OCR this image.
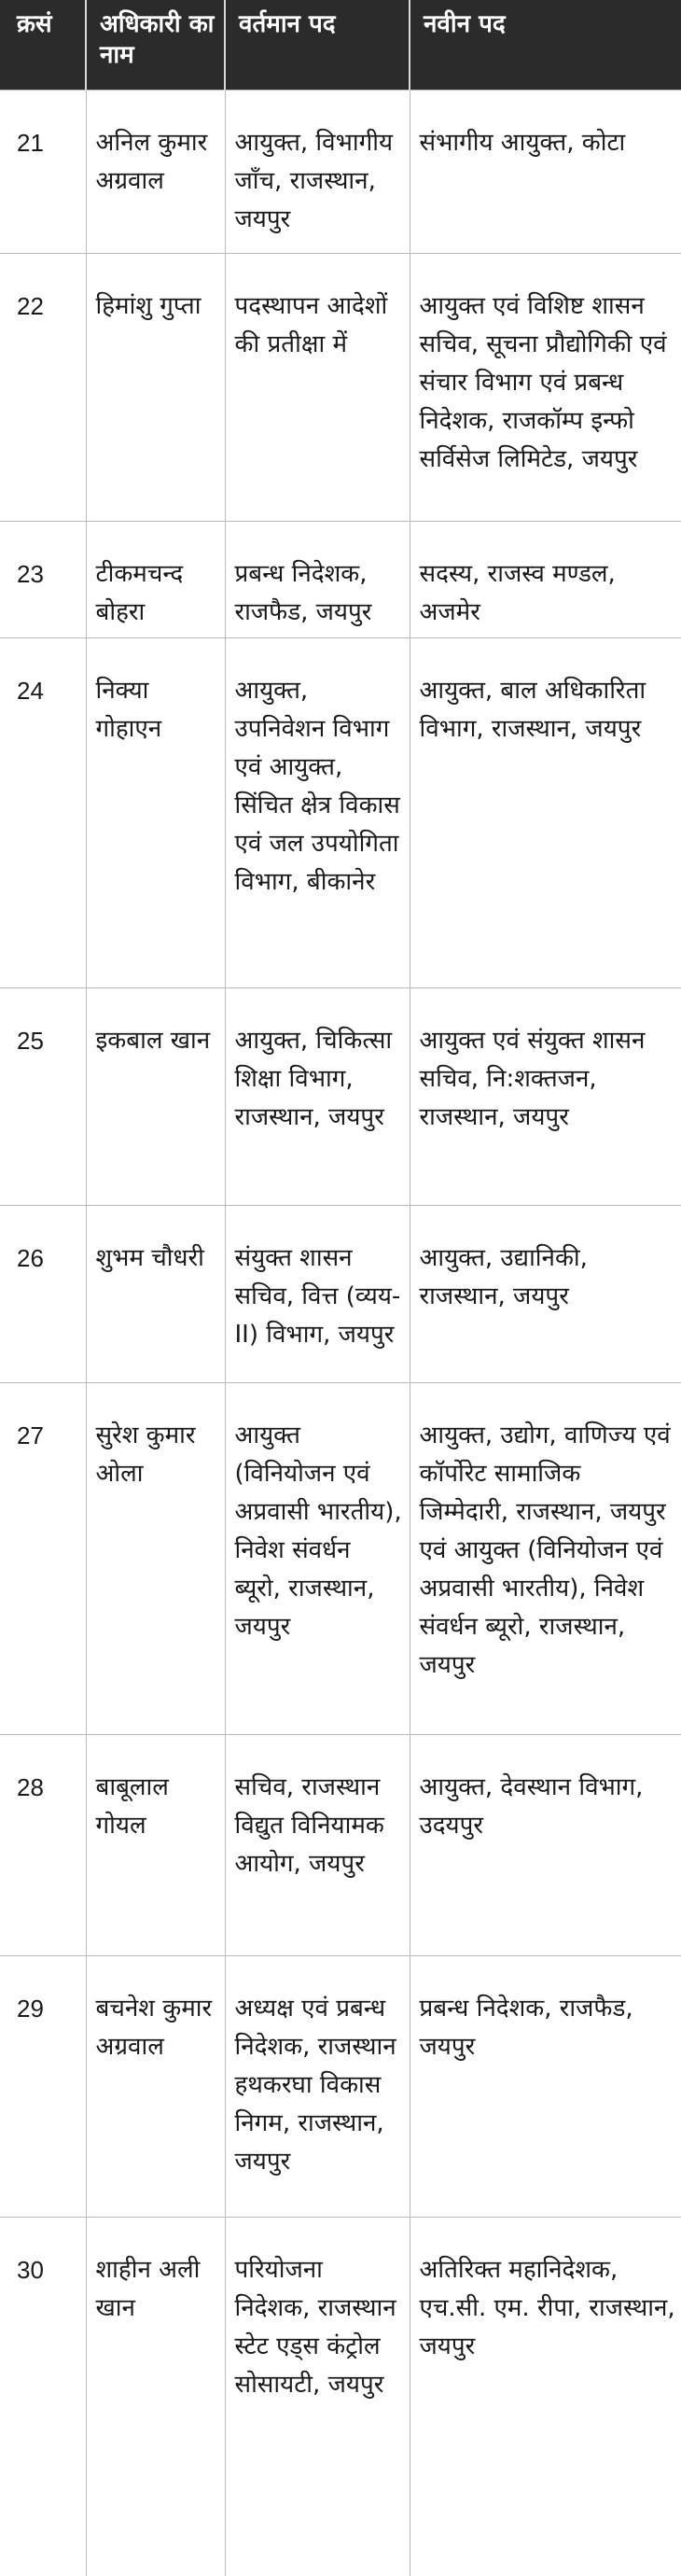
क्रसं	अधिकारी का नाम	वर्तमान पद	नवीन पद
21	अनिल कुमार अग्रवाल	आयुक्त, विभागीय जाँच, राजस्थान, जयपुर	संभागीय आयुक्त, कोटा
22	हिमांशु गुप्ता	पदस्थापन आदेशों की प्रतीक्षा में	आयुक्त एवं विशिष्ट शासन सचिव, सूचना प्रौद्योगिकी एवं संचार विभाग एवं प्रबन्ध निदेशक, राजकॉम्प इन्फो सर्विसेज लिमिटेड, जयपुर
23	टीकमचन्द बोहरा	प्रबन्ध निदेशक, राजफैड, जयपुर	सदस्य, राजस्व मण्डल, अजमेर
24	निक्या गोहाएन	आयुक्त, उपनिवेशन विभाग एवं आयुक्त, सिंचित क्षेत्र विकास एवं जल उपयोगिता विभाग, बीकानेर	आयुक्त, बाल अधिकारिता विभाग, राजस्थान, जयपुर
25	इकबाल खान	आयुक्त, चिकित्सा शिक्षा विभाग, राजस्थान, जयपुर	आयुक्त एवं संयुक्त शासन सचिव, नि:शक्तजन, राजस्थान, जयपुर
26	शुभम चौधरी	संयुक्त शासन सचिव, वित्त (व्यय-II) विभाग, जयपुर	आयुक्त, उद्यानिकी, राजस्थान, जयपुर
27	सुरेश कुमार ओला	आयुक्त (विनियोजन एवं अप्रवासी भारतीय), निवेश संवर्धन ब्यूरो, राजस्थान, जयपुर	आयुक्त, उद्योग, वाणिज्य एवं कॉर्पोरेट सामाजिक जिम्मेदारी, राजस्थान, जयपुर एवं आयुक्त (विनियोजन एवं अप्रवासी भारतीय), निवेश संवर्धन ब्यूरो, राजस्थान, जयपुर
28	बाबूलाल गोयल	सचिव, राजस्थान विद्युत विनियामक आयोग, जयपुर	आयुक्त, देवस्थान विभाग, उदयपुर
29	बचनेश कुमार अग्रवाल	अध्यक्ष एवं प्रबन्ध निदेशक, राजस्थान हथकरघा विकास निगम, राजस्थान, जयपुर	प्रबन्ध निदेशक, राजफैड, जयपुर
30	शाहीन अली खान	परियोजना निदेशक, राजस्थान स्टेट एड्स कंट्रोल सोसायटी, जयपुर	अतिरिक्त महानिदेशक, एच.सी. एम. रीपा, राजस्थान, जयपुर
